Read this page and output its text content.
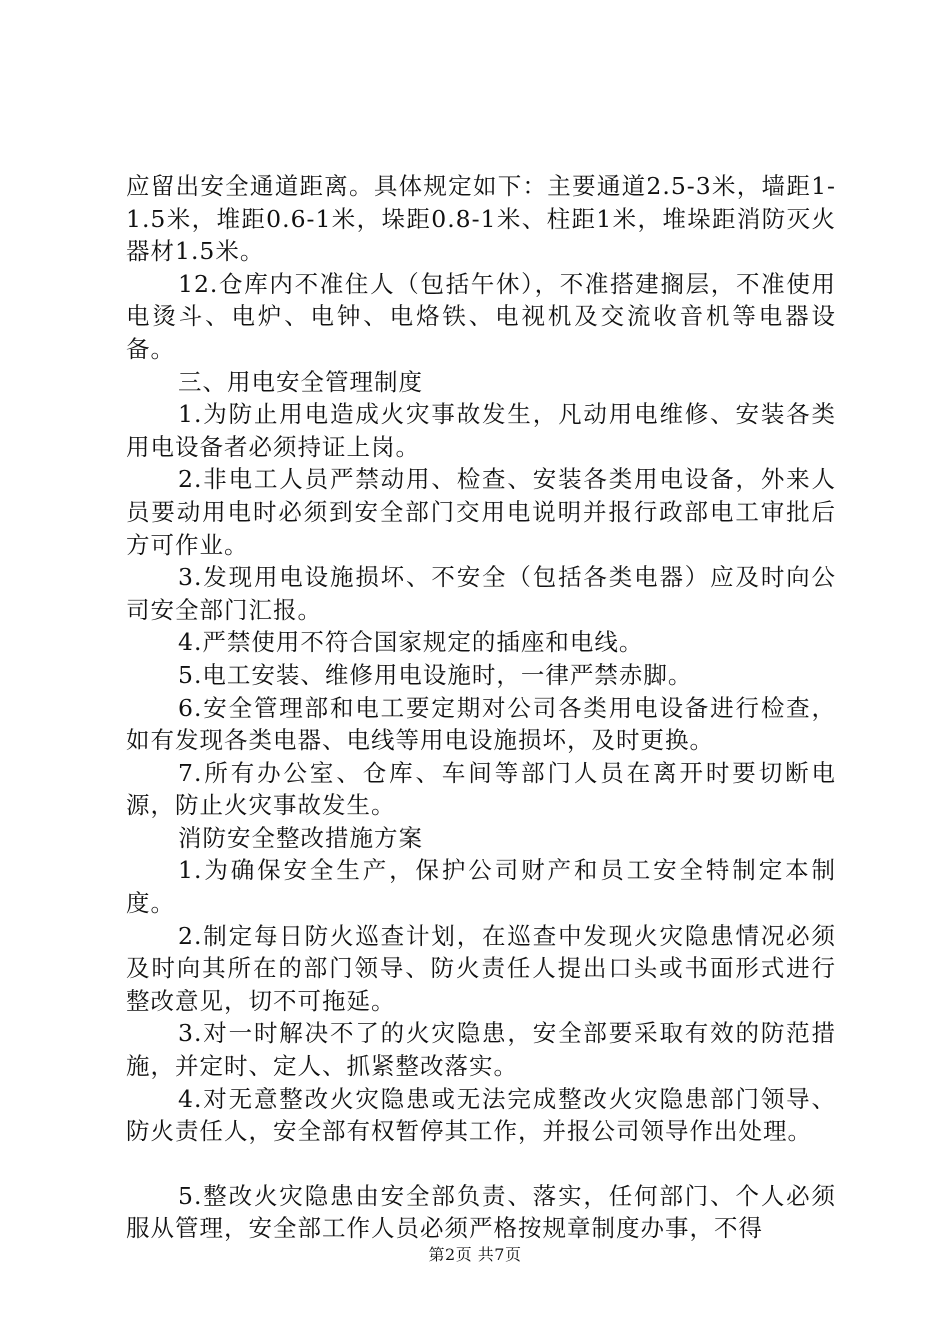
应留出安全通道距离。具体规定如下：主要通道2.5-3米，墙距1-1.5米，堆距0.6-1米，垛距0.8-1米、柱距1米，堆垛距消防灭火器材1.5米。

12.仓库内不准住人（包括午休），不准搭建搁层，不准使用电烫斗、电炉、电钟、电烙铁、电视机及交流收音机等电器设备。

三、用电安全管理制度

1.为防止用电造成火灾事故发生，凡动用电维修、安装各类用电设备者必须持证上岗。

2.非电工人员严禁动用、检查、安装各类用电设备，外来人员要动用电时必须到安全部门交用电说明并报行政部电工审批后方可作业。

3.发现用电设施损坏、不安全（包括各类电器）应及时向公司安全部门汇报。

4.严禁使用不符合国家规定的插座和电线。

5.电工安装、维修用电设施时，一律严禁赤脚。

6.安全管理部和电工要定期对公司各类用电设备进行检查，如有发现各类电器、电线等用电设施损坏，及时更换。

7.所有办公室、仓库、车间等部门人员在离开时要切断电源，防止火灾事故发生。

消防安全整改措施方案

1.为确保安全生产，保护公司财产和员工安全特制定本制度。

2.制定每日防火巡查计划，在巡查中发现火灾隐患情况必须及时向其所在的部门领导、防火责任人提出口头或书面形式进行整改意见，切不可拖延。

3.对一时解决不了的火灾隐患，安全部要采取有效的防范措施，并定时、定人、抓紧整改落实。

4.对无意整改火灾隐患或无法完成整改火灾隐患部门领导、防火责任人，安全部有权暂停其工作，并报公司领导作出处理。

5.整改火灾隐患由安全部负责、落实，任何部门、个人必须服从管理，安全部工作人员必须严格按规章制度办事，不得

第2页 共7页
